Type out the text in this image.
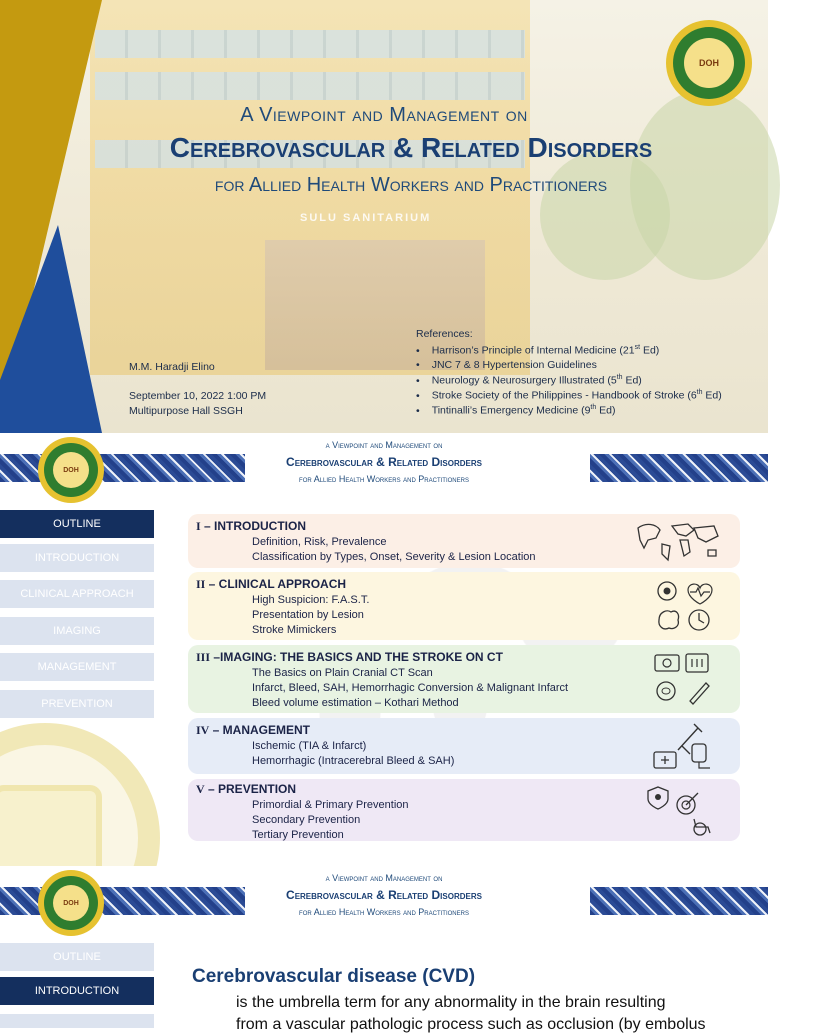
SULU SANITARIUM
DOH
A Viewpoint and Management on
Cerebrovascular & Related Disorders
for Allied Health Workers and Practitioners
M.M. Haradji Elino
September 10, 2022 1:00 PM
Multipurpose Hall SSGH
References:
• Harrison’s Principle of Internal Medicine (21st Ed)
• JNC 7 & 8 Hypertension Guidelines
• Neurology & Neurosurgery Illustrated (5th Ed)
• Stroke Society of the Philippines - Handbook of Stroke (6th Ed)
• Tintinalli’s Emergency Medicine (9th Ed)
DOH
a Viewpoint and Management on
Cerebrovascular & Related Disorders
for Allied Health Workers and Practitioners
OUTLINE
INTRODUCTION
CLINICAL APPROACH
IMAGING
MANAGEMENT
PREVENTION
I – INTRODUCTION
Definition, Risk, Prevalence
Classification by Types, Onset, Severity & Lesion Location
II – CLINICAL APPROACH
High Suspicion: F.A.S.T.
Presentation by Lesion
Stroke Mimickers
III –IMAGING: THE BASICS AND THE STROKE ON CT
The Basics on Plain Cranial CT Scan
Infarct, Bleed, SAH, Hemorrhagic Conversion & Malignant Infarct
Bleed volume estimation – Kothari Method
IV – MANAGEMENT
Ischemic (TIA & Infarct)
Hemorrhagic (Intracerebral Bleed & SAH)
V – PREVENTION
Primordial & Primary Prevention
Secondary Prevention
Tertiary Prevention
DOH
a Viewpoint and Management on
Cerebrovascular & Related Disorders
for Allied Health Workers and Practitioners
OUTLINE
INTRODUCTION
Cerebrovascular disease (CVD)
is the umbrella term for any abnormality in the brain resulting
from a vascular pathologic process such as occlusion (by embolus
